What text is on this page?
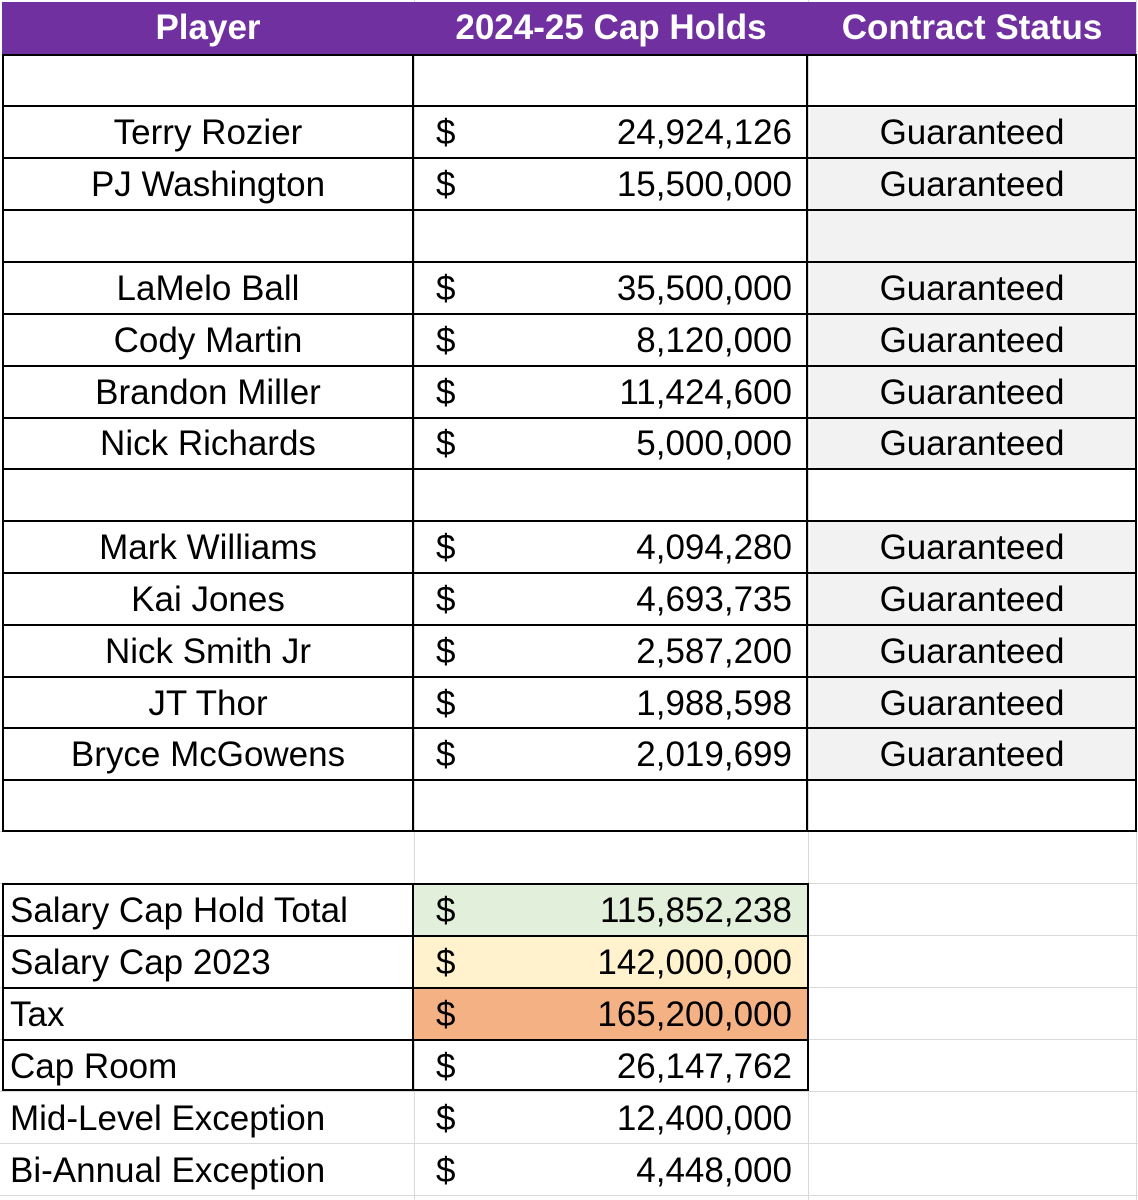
Player	2024-25 Cap Holds	Contract Status
Terry Rozier	$	24,924,126	Guaranteed
PJ Washington	$	15,500,000	Guaranteed
LaMelo Ball	$	35,500,000	Guaranteed
Cody Martin	$	8,120,000	Guaranteed
Brandon Miller	$	11,424,600	Guaranteed
Nick Richards	$	5,000,000	Guaranteed
Mark Williams	$	4,094,280	Guaranteed
Kai Jones	$	4,693,735	Guaranteed
Nick Smith Jr	$	2,587,200	Guaranteed
JT Thor	$	1,988,598	Guaranteed
Bryce McGowens	$	2,019,699	Guaranteed
Salary Cap Hold Total	$	115,852,238
Salary Cap 2023	$	142,000,000
Tax	$	165,200,000
Cap Room	$	26,147,762
Mid-Level Exception	$	12,400,000
Bi-Annual Exception	$	4,448,000
